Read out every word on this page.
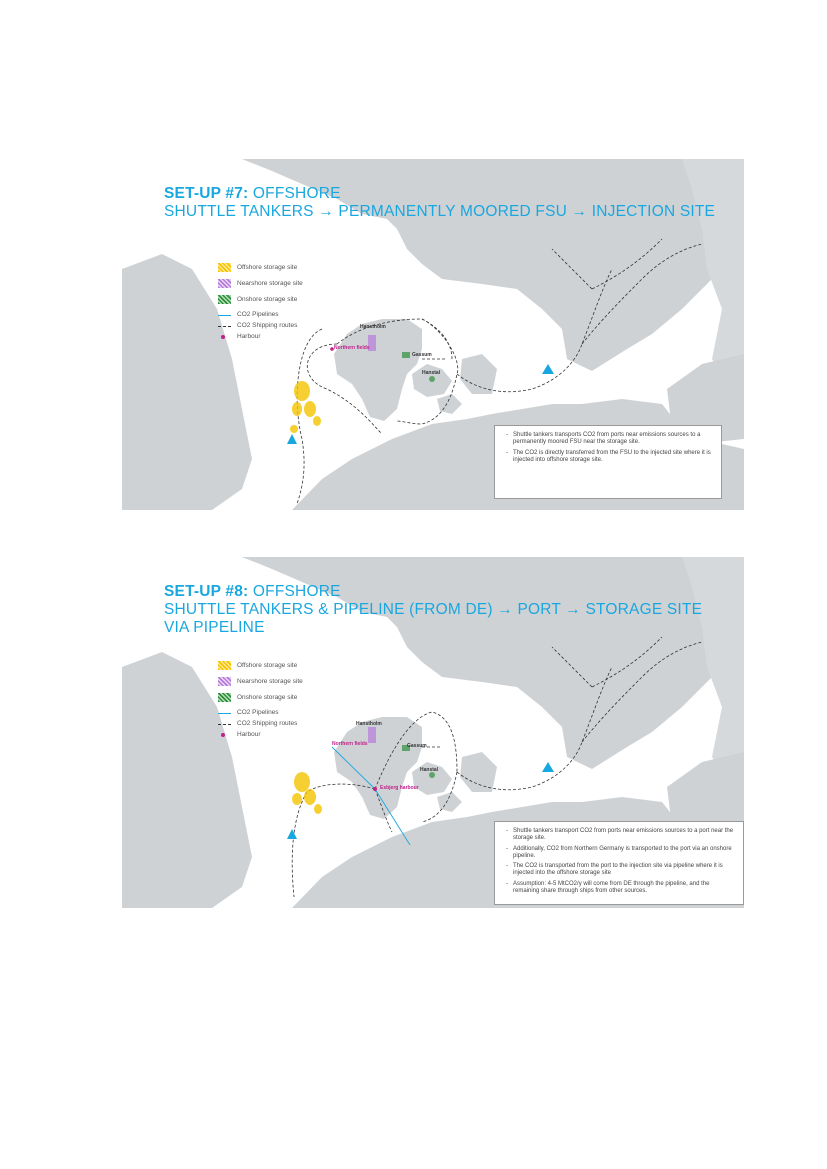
SET-UP #7: OFFSHORE
SHUTTLE TANKERS → PERMANENTLY MOORED FSU → INJECTION SITE
Offshore storage site
Nearshore storage site
Onshore storage site
CO2 Pipelines
CO2 Shipping routes
Harbour
Northern fields
Hanstholm
Gassum
Hanstal
- Shuttle tankers transports CO2 from ports near emissions sources to a permanently moored FSU near the storage site.
- The CO2 is directly transferred from the FSU to the injected site where it is injected into offshore storage site.
SET-UP #8: OFFSHORE
SHUTTLE TANKERS & PIPELINE (FROM DE) → PORT → STORAGE SITE
VIA PIPELINE
Offshore storage site
Nearshore storage site
Onshore storage site
CO2 Pipelines
CO2 Shipping routes
Harbour
Northern fields
Hanstholm
Gassum
Hanstal
Esbjerg harbour
- Shuttle tankers transport CO2 from ports near emissions sources to a port near the storage site.
- Additionally, CO2 from Northern Germany is transported to the port via an onshore pipeline.
- The CO2 is transported from the port to the injection site via pipeline where it is injected into the offshore storage site
- Assumption: 4-5 MtCO2/y will come from DE through the pipeline, and the remaining share through ships from other sources.
